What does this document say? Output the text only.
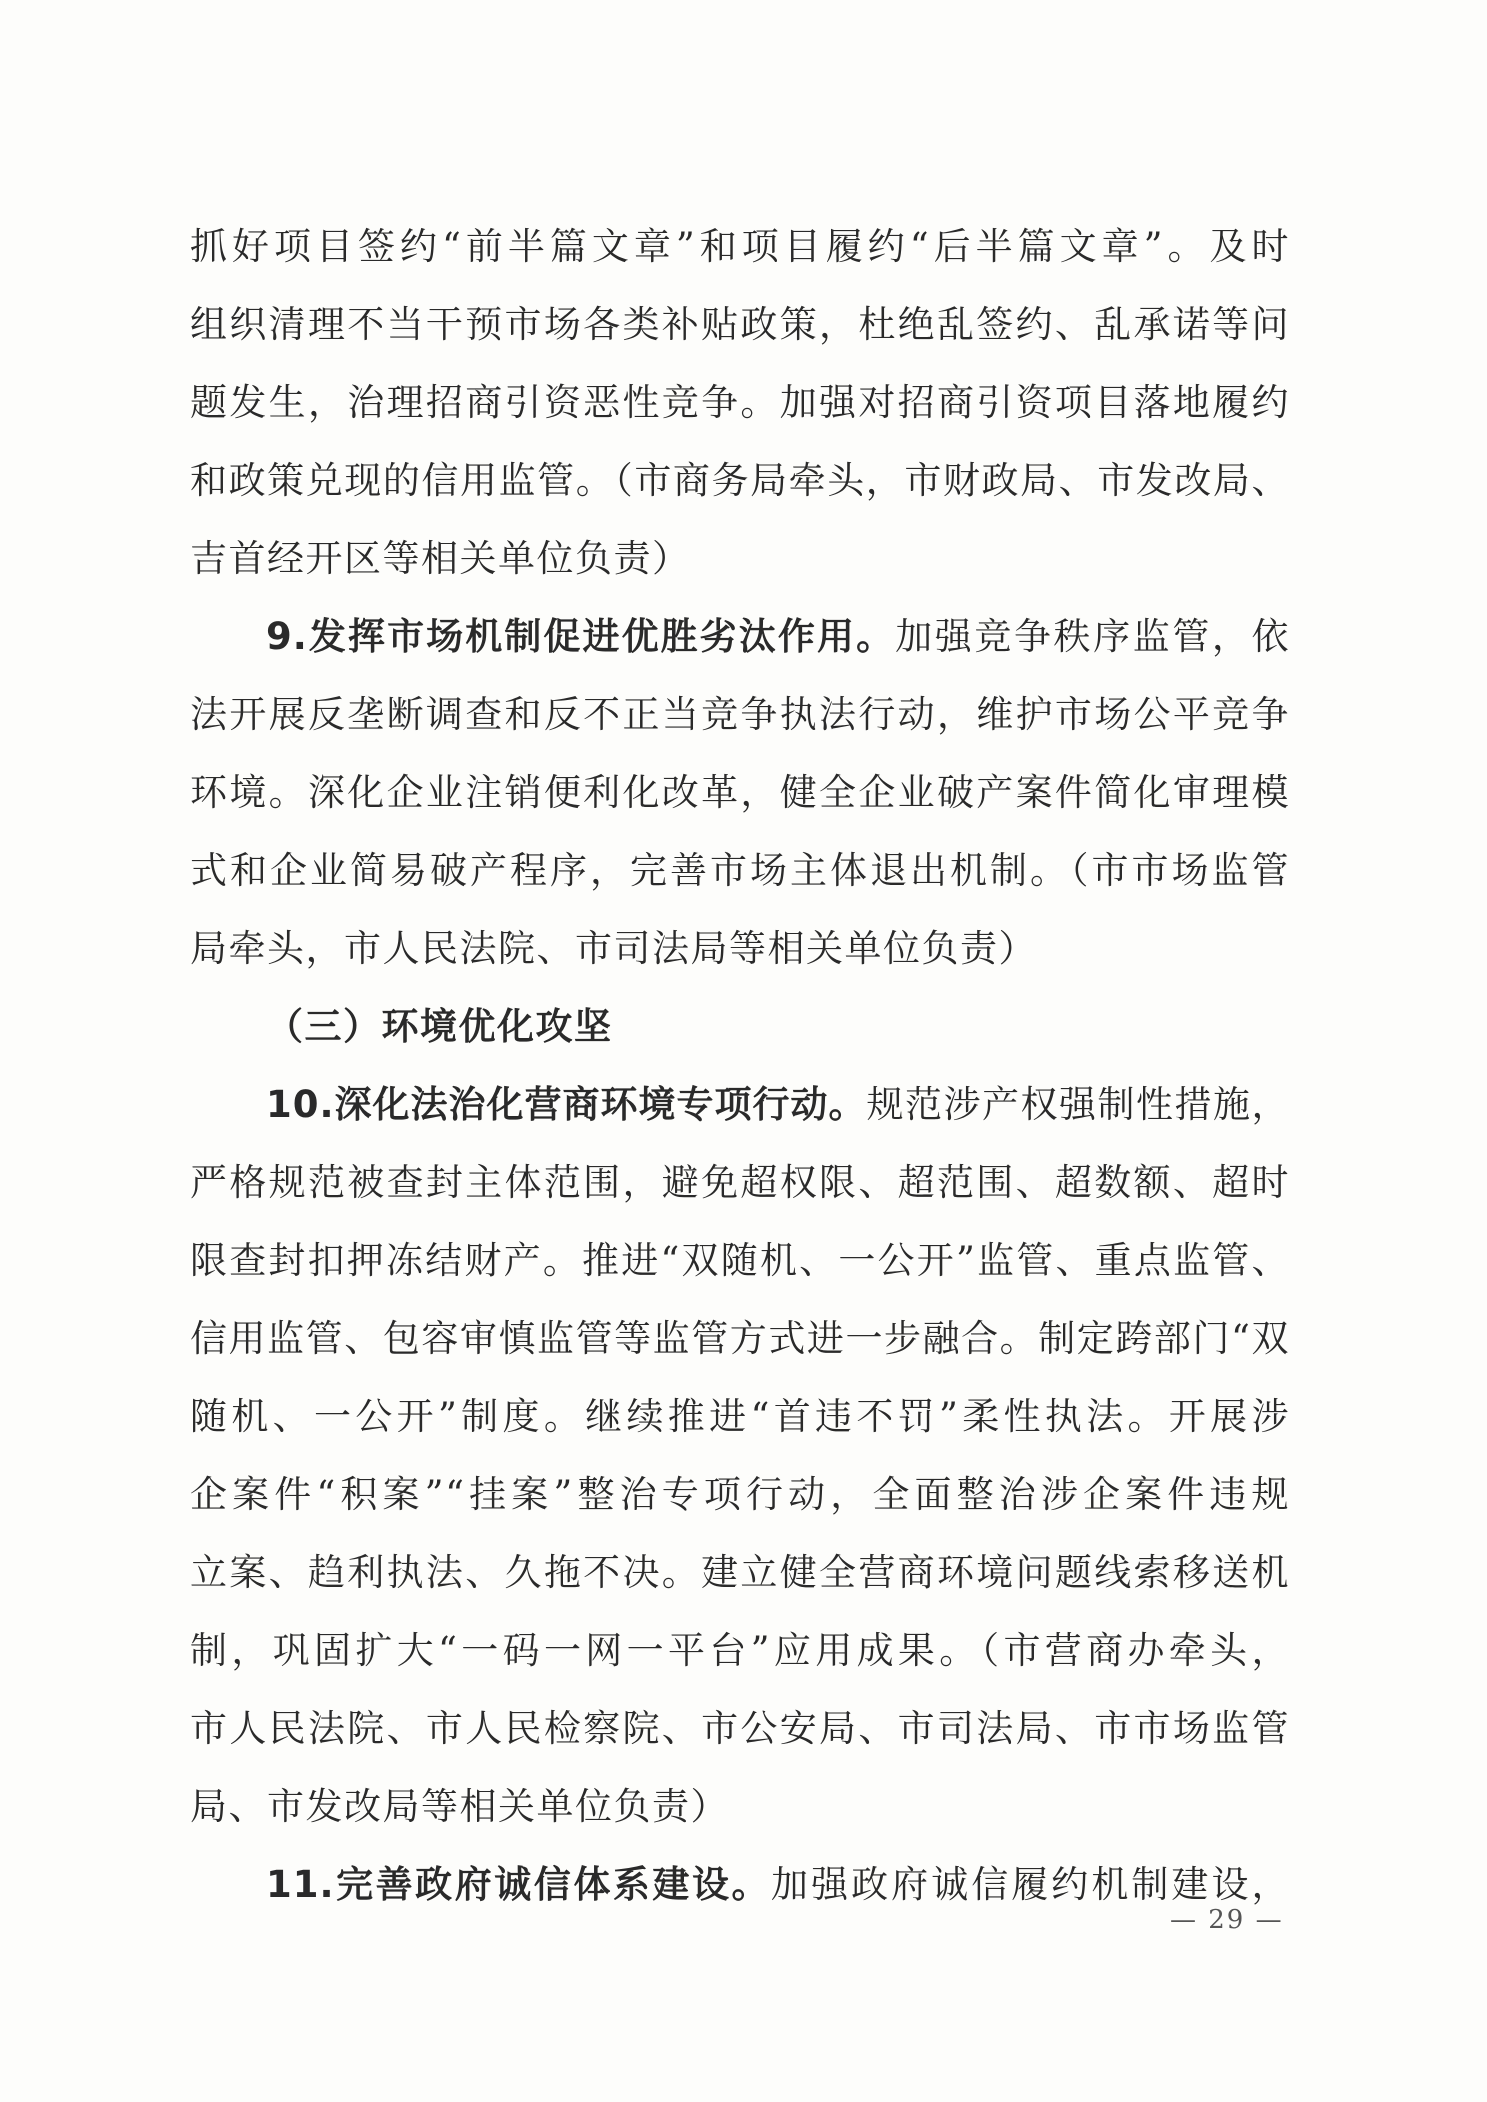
抓好项目签约“前半篇文章”和项目履约“后半篇文章”。及时
组织清理不当干预市场各类补贴政策，杜绝乱签约、乱承诺等问
题发生，治理招商引资恶性竞争。加强对招商引资项目落地履约
和政策兑现的信用监管。（市商务局牵头，市财政局、市发改局、
吉首经开区等相关单位负责）
9.发挥市场机制促进优胜劣汰作用。加强竞争秩序监管，依
法开展反垄断调查和反不正当竞争执法行动，维护市场公平竞争
环境。深化企业注销便利化改革，健全企业破产案件简化审理模
式和企业简易破产程序，完善市场主体退出机制。（市市场监管
局牵头，市人民法院、市司法局等相关单位负责）
（三）环境优化攻坚
10.深化法治化营商环境专项行动。规范涉产权强制性措施，
严格规范被查封主体范围，避免超权限、超范围、超数额、超时
限查封扣押冻结财产。推进“双随机、一公开”监管、重点监管、
信用监管、包容审慎监管等监管方式进一步融合。制定跨部门“双
随机、一公开”制度。继续推进“首违不罚”柔性执法。开展涉
企案件“积案”“挂案”整治专项行动，全面整治涉企案件违规
立案、趋利执法、久拖不决。建立健全营商环境问题线索移送机
制，巩固扩大“一码一网一平台”应用成果。（市营商办牵头，
市人民法院、市人民检察院、市公安局、市司法局、市市场监管
局、市发改局等相关单位负责）
11.完善政府诚信体系建设。加强政府诚信履约机制建设，
— 29 —
